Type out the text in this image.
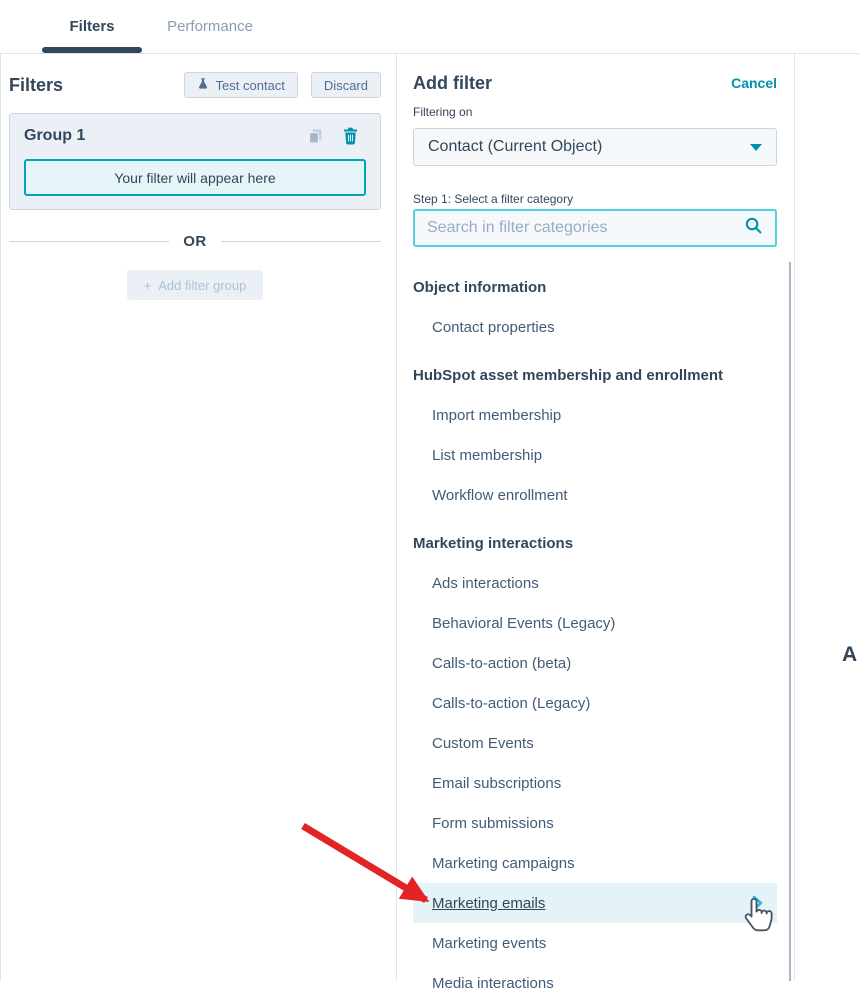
Filters	Performance
Filters	Test contact	Discard
Group 1
Your filter will appear here
OR
+ Add filter group
Add filter	Cancel
Filtering on
Contact (Current Object)
Step 1: Select a filter category
Search in filter categories
Object information
Contact properties
HubSpot asset membership and enrollment
Import membership
List membership
Workflow enrollment
Marketing interactions
Ads interactions
Behavioral Events (Legacy)
Calls-to-action (beta)
Calls-to-action (Legacy)
Custom Events
Email subscriptions
Form submissions
Marketing campaigns
Marketing emails
Marketing events
Media interactions
A
